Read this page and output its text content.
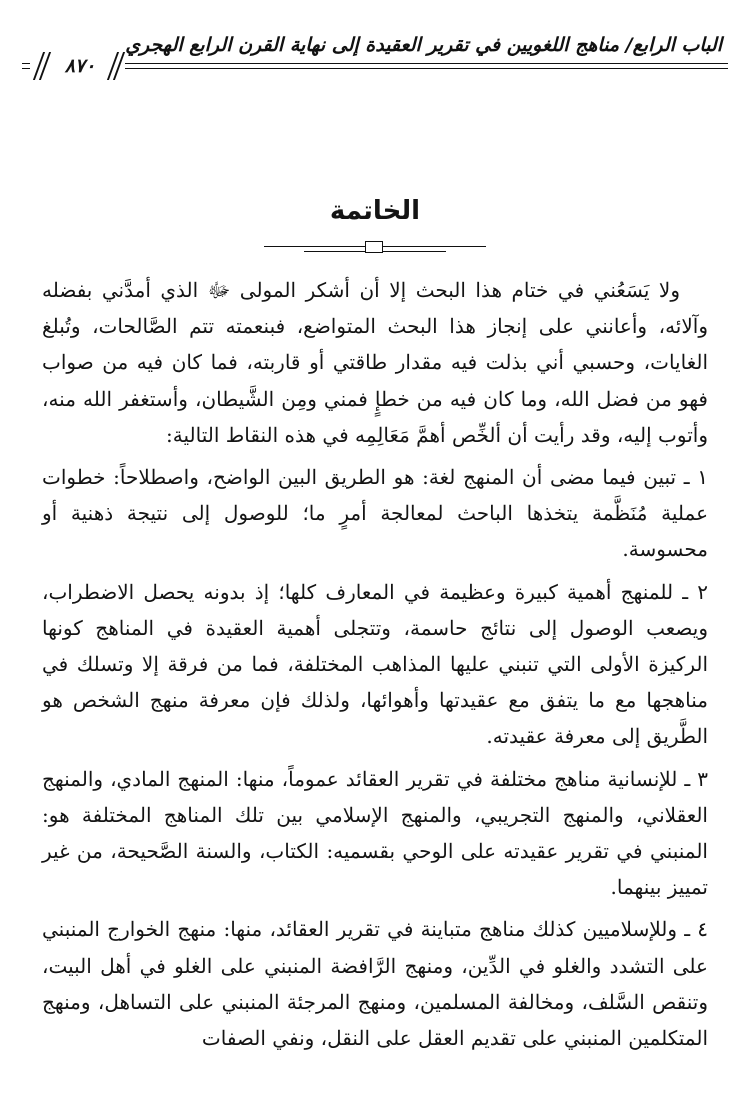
الباب الرابع/ مناهج اللغويين في تقرير العقيدة إلى نهاية القرن الرابع الهجري
٨٧٠
الخاتمة

ولا يَسَعُني في ختام هذا البحث إلا أن أشكر المولى ﷻ الذي أمدَّني بفضله وآلائه، وأعانني على إنجاز هذا البحث المتواضع، فبنعمته تتم الصَّالحات، وتُبلغ الغايات، وحسبي أني بذلت فيه مقدار طاقتي أو قاربته، فما كان فيه من صواب فهو من فضل الله، وما كان فيه من خطإٍ فمني ومِن الشَّيطان، وأستغفر الله منه، وأتوب إليه، وقد رأيت أن ألخِّص أهمَّ مَعَالِمِه في هذه النقاط التالية:

١ ـ تبين فيما مضى أن المنهج لغة: هو الطريق البين الواضح، واصطلاحاً: خطوات عملية مُنَظَّمة يتخذها الباحث لمعالجة أمرٍ ما؛ للوصول إلى نتيجة ذهنية أو محسوسة.

٢ ـ للمنهج أهمية كبيرة وعظيمة في المعارف كلها؛ إذ بدونه يحصل الاضطراب، ويصعب الوصول إلى نتائج حاسمة، وتتجلى أهمية العقيدة في المناهج كونها الركيزة الأولى التي تنبني عليها المذاهب المختلفة، فما من فرقة إلا وتسلك في مناهجها مع ما يتفق مع عقيدتها وأهوائها، ولذلك فإن معرفة منهج الشخص هو الطَّريق إلى معرفة عقيدته.

٣ ـ للإنسانية مناهج مختلفة في تقرير العقائد عموماً، منها: المنهج المادي، والمنهج العقلاني، والمنهج التجريبي، والمنهج الإسلامي بين تلك المناهج المختلفة هو: المنبني في تقرير عقيدته على الوحي بقسميه: الكتاب، والسنة الصَّحيحة، من غير تمييز بينهما.

٤ ـ وللإسلاميين كذلك مناهج متباينة في تقرير العقائد، منها: منهج الخوارج المنبني على التشدد والغلو في الدِّين، ومنهج الرَّافضة المنبني على الغلو في أهل البيت، وتنقص السَّلف، ومخالفة المسلمين، ومنهج المرجئة المنبني على التساهل، ومنهج المتكلمين المنبني على تقديم العقل على النقل، ونفي الصفات
